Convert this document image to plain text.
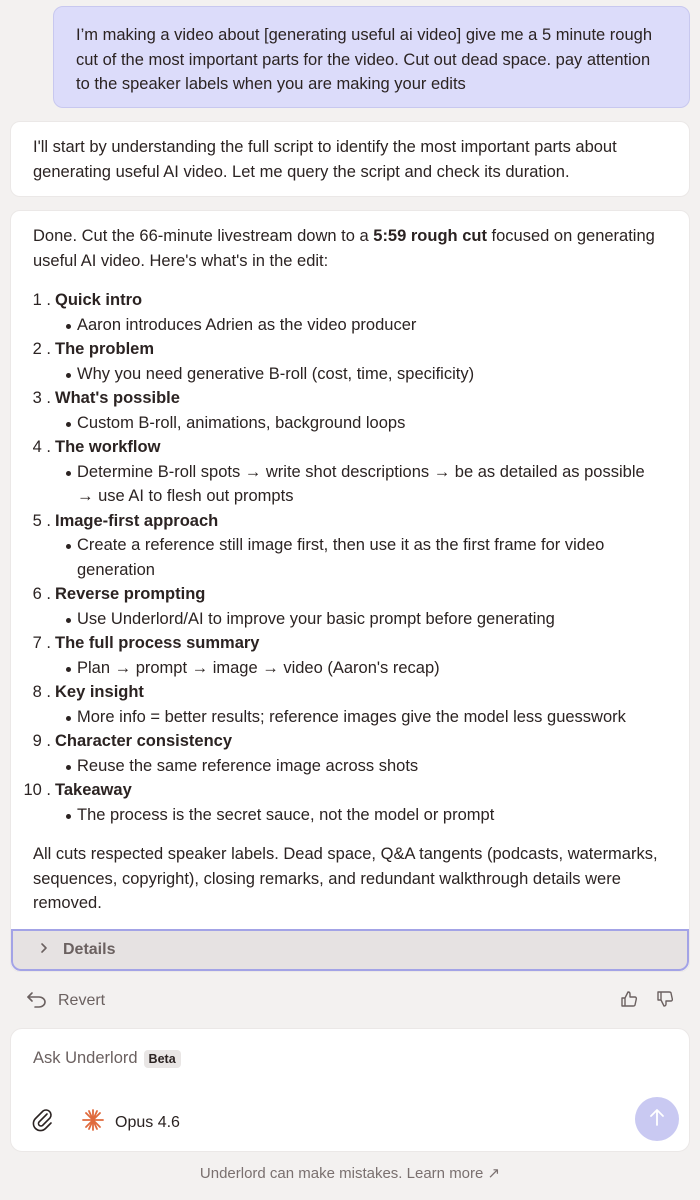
I’m making a video about [generating useful ai video] give me a 5 minute rough cut of the most important parts for the video. Cut out dead space. pay attention to the speaker labels when you are making your edits
I'll start by understanding the full script to identify the most important parts about generating useful AI video. Let me query the script and check its duration.
Done. Cut the 66-minute livestream down to a 5:59 rough cut focused on generating useful AI video. Here's what's in the edit:
1 . Quick intro
Aaron introduces Adrien as the video producer
2 . The problem
Why you need generative B-roll (cost, time, specificity)
3 . What's possible
Custom B-roll, animations, background loops
4 . The workflow
Determine B-roll spots → write shot descriptions → be as detailed as possible → use AI to flesh out prompts
5 . Image-first approach
Create a reference still image first, then use it as the first frame for video generation
6 . Reverse prompting
Use Underlord/AI to improve your basic prompt before generating
7 . The full process summary
Plan → prompt → image → video (Aaron's recap)
8 . Key insight
More info = better results; reference images give the model less guesswork
9 . Character consistency
Reuse the same reference image across shots
10 . Takeaway
The process is the secret sauce, not the model or prompt
All cuts respected speaker labels. Dead space, Q&A tangents (podcasts, watermarks, sequences, copyright), closing remarks, and redundant walkthrough details were removed.
Details
Revert
Ask Underlord Beta
Opus 4.6
Underlord can make mistakes. Learn more ↗
